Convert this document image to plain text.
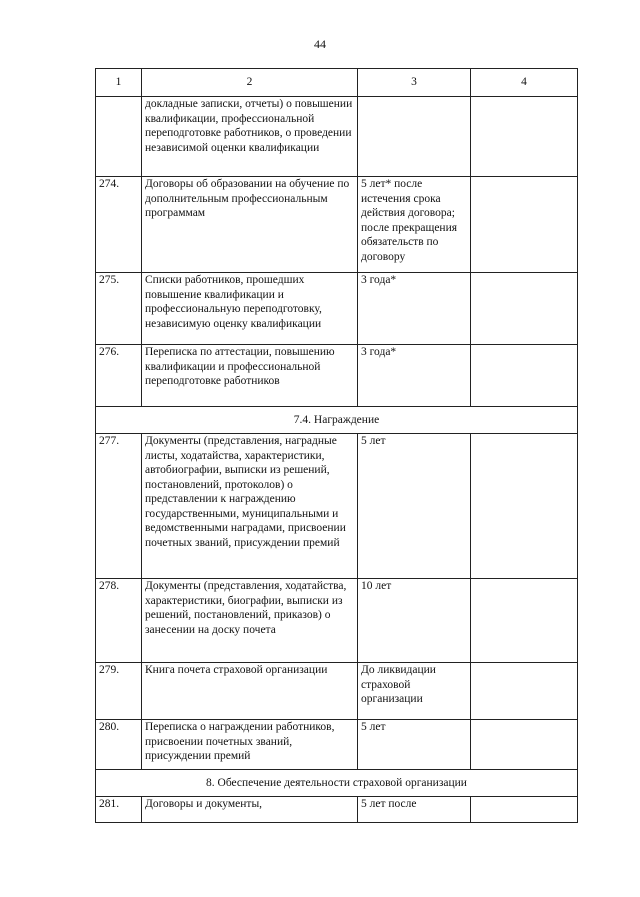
44
1	2	3	4
	докладные записки, отчеты) о повышении квалификации, профессиональной переподготовке работников, о проведении независимой оценки квалификации		
274.	Договоры об образовании на обучение по дополнительным профессиональным программам	5 лет* после истечения срока действия договора; после прекращения обязательств по договору	
275.	Списки работников, прошедших повышение квалификации и профессиональную переподготовку, независимую оценку квалификации	3 года*	
276.	Переписка по аттестации, повышению квалификации и профессиональной переподготовке работников	3 года*	
7.4. Награждение			
277.	Документы (представления, наградные листы, ходатайства, характеристики, автобиографии, выписки из решений, постановлений, протоколов) о представлении к награждению государственными, муниципальными и ведомственными наградами, присвоении почетных званий, присуждении премий	5 лет	
278.	Документы (представления, ходатайства, характеристики, биографии, выписки из решений, постановлений, приказов) о занесении на доску почета	10 лет	
279.	Книга почета страховой организации	До ликвидации страховой организации	
280.	Переписка о награждении работников, присвоении почетных званий, присуждении премий	5 лет	
8. Обеспечение деятельности страховой организации			
281.	Договоры и документы,	5 лет после	
